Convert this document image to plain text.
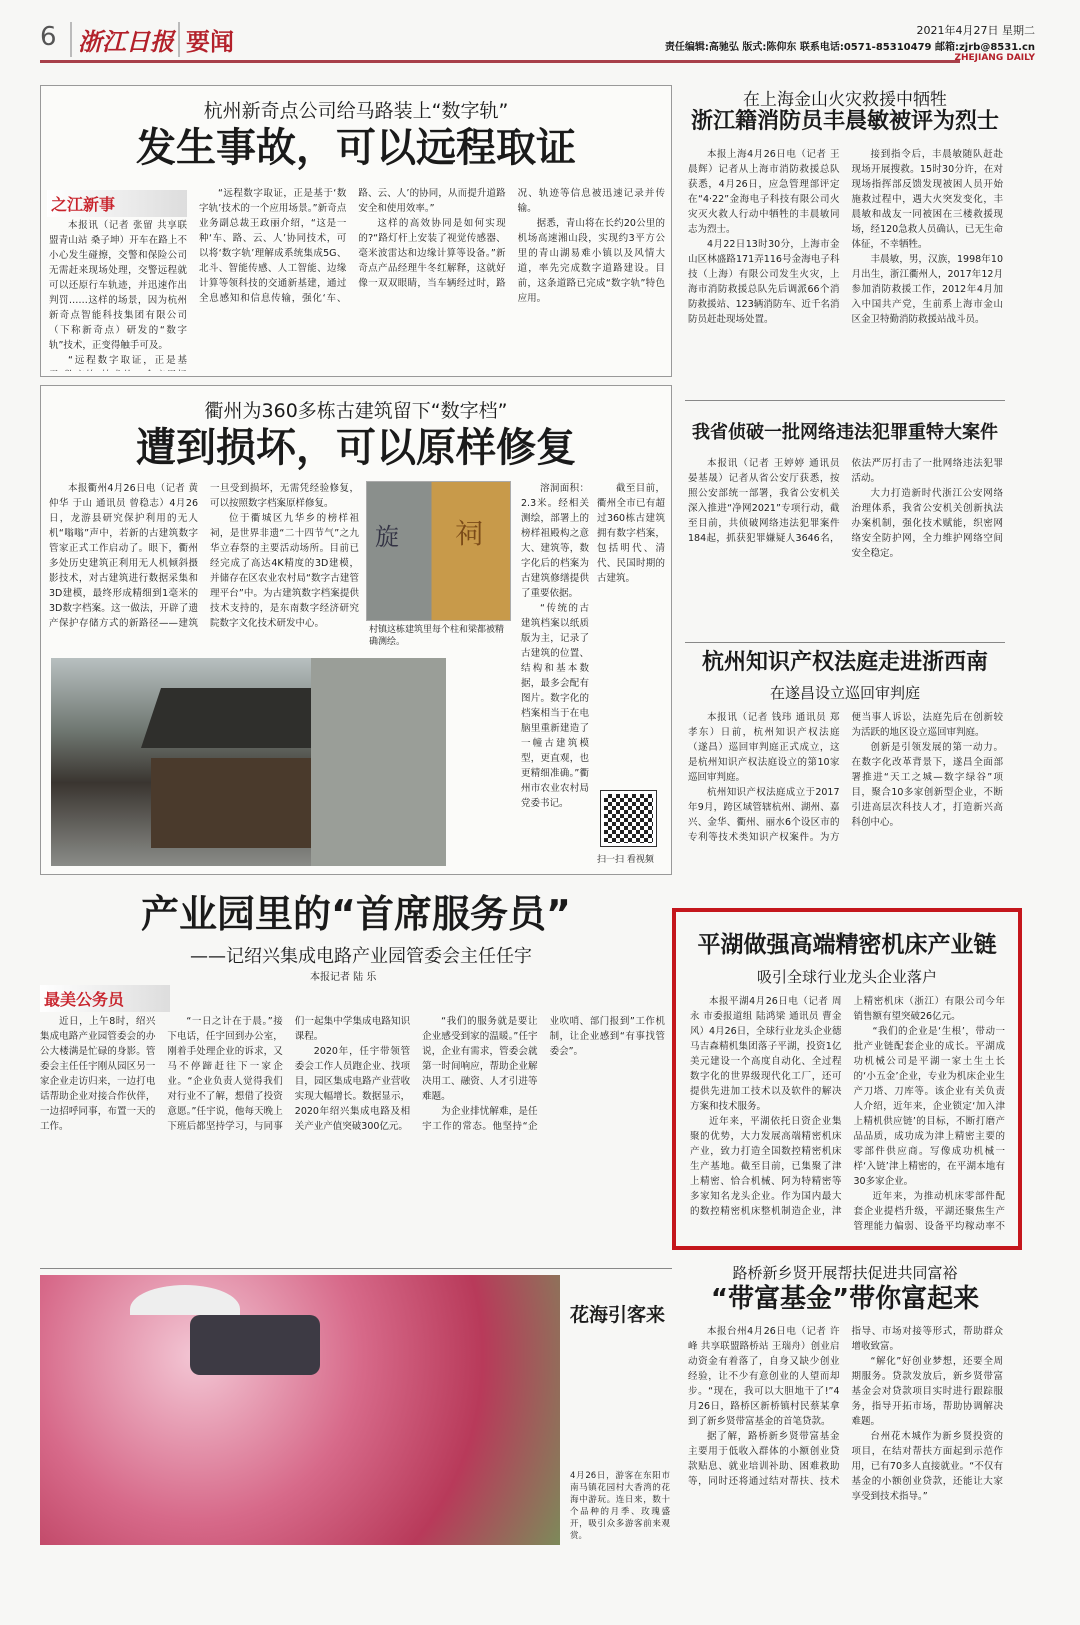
6 浙江日报 要闻	2021年4月27日 星期二
责任编辑:高驰弘 版式:陈仰东 联系电话:0571-85310479 邮箱:zjrb@8531.cn
ZHEJIANG DAILY
杭州新奇点公司给马路装上“数字轨”
发生事故，可以远程取证
之江新事

本报讯（记者 张留 共享联盟青山站 桑子坤）开车在路上不小心发生碰擦，交警和保险公司无需赶来现场处理，交警远程就可以还原行车轨迹，并迅速作出判罚……这样的场景，因为杭州新奇点智能科技集团有限公司（下称新奇点）研发的“数字轨”技术，正变得触手可及。

“远程数字取证，正是基

“远程数字取证，正是基于‘数字轨’技术的一个应用场景。”新奇点业务副总裁王政丽介绍，“这是一种‘车、路、云、人’协同技术，可以将‘数字轨’理解成系统集成5G、北斗、智能传感、人工智能、边缘计算等领科技的交通新基建，通过全息感知和信息传输，强化‘车、路、云、人’的协同，从而提升道路安全和使用效率。”

这样的高效协同是如何实现的?“路灯杆上安装了视觉传感器、毫米波雷达和边缘计算等设备。”新奇点产品经理牛冬红解释，这就好像一双双眼睛，当车辆经过时，路况、轨迹等信息被迅速记录并传输。

据悉，青山将在长约20公里的机场高速湘山段，实现约3平方公里的青山湖易难小镇以及风情大道，率先完成数字道路建设。目前，这条道路已完成“数字轨”特色应用。

衢州为360多栋古建筑留下“数字档”
遭到损坏，可以原样修复

本报衢州4月26日电（记者 黄仲华 于山 通讯员 曾稳志）4月26日，龙游县研究保护利用的无人机“嗡嗡”声中，若新的古建筑数字管家正式工作启动了。眼下，衢州多处历史建筑正利用无人机倾斜摄影技术，对古建筑进行数据采集和3D建模，最终形成精细到1毫米的3D数字档案。这一做法，开辟了遗产保护存储方式的新路径——建筑一旦受到损坏，无需凭经验修复，可以按照数字档案原样修复。

位于衢城区九华乡的榜样祖祠，是世界非遗“二十四节气”之九华立春祭的主要活动场所。目前已经完成了高达4K精度的3D建模，并储存在区农业农村局“数字古建管理平台”中。为古建筑数字档案提供技术支持的，是东南数字经济研究院数字文化技术研发中心。

旋 祠
村镇这栋建筑里每个柱和梁都被精确测绘。

溶洞面积：2.3米。经相关测绘，部署上的榜样祖殿构之意大、建筑等，数字化后的档案为古建筑修缮提供了重要依据。

“传统的古建筑档案以纸质版为主，记录了古建筑的位置、结构和基本数据，最多会配有图片。数字化的档案相当于在电脑里重新建造了一幢古建筑模型，更直观，也更精细准确。”衢州市农业农村局党委书记。

截至目前，衢州全市已有超过360栋古建筑拥有数字档案，包括明代、清代、民国时期的古建筑。

扫一扫 看视频
产业园里的“首席服务员”
——记绍兴集成电路产业园管委会主任任宇
本报记者 陆 乐
最美公务员

近日，上午8时，绍兴集成电路产业园管委会的办公大楼满是忙碌的身影。管委会主任任宇刚从园区另一家企业走访归来，一边打电话帮助企业对接合作伙伴，一边招呼同事，布置一天的工作。

“一日之计在于晨。”接下电话，任宇回到办公室，刚着手处理企业的诉求，又马不停蹄赶往下一家企业。“企业负责人觉得我们对行业不了解，想借了投资意愿。”任宇说，他每天晚上下班后都坚持学习，与同事们一起集中学集成电路知识课程。

2020年，任宇带领管委会工作人员跑企业、找项目，园区集成电路产业营收实现大幅增长。数据显示，2020年绍兴集成电路及相关产业产值突破300亿元。

“我们的服务就是要让企业感受到家的温暖。”任宇说，企业有需求，管委会就第一时间响应，帮助企业解决用工、融资、人才引进等难题。

为企业排忧解难，是任宇工作的常态。他坚持“企业吹哨、部门报到”工作机制，让企业感到“有事找管委会”。

花海引客来
4月26日，游客在东阳市南马镇花园村大香湾的花海中游玩。连日来，数十个品种的月季、玫瑰盛开，吸引众多游客前来观赏。
在上海金山火灾救援中牺牲
浙江籍消防员丰晨敏被评为烈士

本报上海4月26日电（记者 王晨辉）记者从上海市消防救援总队获悉，4月26日，应急管理部评定在“4·22”金海电子科技有限公司火灾灭火救人行动中牺牲的丰晨敏同志为烈士。

4月22日13时30分，上海市金山区林盛路171弄116号金海电子科技（上海）有限公司发生火灾，上海市消防救援总队先后调派66个消防救援站、123辆消防车、近千名消防员赶赴现场处置。

接到指令后，丰晨敏随队赶赴现场开展搜救。15时30分许，在对现场指挥部反馈发现被困人员开始施救过程中，遇大火突发变化，丰晨敏和战友一同被困在三楼救援现场，经120急救人员确认，已无生命体征，不幸牺牲。

丰晨敏，男，汉族，1998年10月出生，浙江衢州人，2017年12月参加消防救援工作，2012年4月加入中国共产党，生前系上海市金山区金卫特勤消防救援站战斗员。

我省侦破一批网络违法犯罪重特大案件

本报讯（记者 王婷婷 通讯员 晏基晟）记者从省公安厅获悉，按照公安部统一部署，我省公安机关深入推进“净网2021”专项行动，截至目前，共侦破网络违法犯罪案件184起，抓获犯罪嫌疑人3646名，依法严厉打击了一批网络违法犯罪活动。

大力打造新时代浙江公安网络治理体系，我省公安机关创新执法办案机制，强化技术赋能，织密网络安全防护网，全力维护网络空间安全稳定。

杭州知识产权法庭走进浙西南
在遂昌设立巡回审判庭

本报讯（记者 钱玮 通讯员 郑孝东）日前，杭州知识产权法庭（遂昌）巡回审判庭正式成立，这是杭州知识产权法庭设立的第10家巡回审判庭。

杭州知识产权法庭成立于2017年9月，跨区域管辖杭州、湖州、嘉兴、金华、衢州、丽水6个设区市的专利等技术类知识产权案件。为方便当事人诉讼，法庭先后在创新较为活跃的地区设立巡回审判庭。

创新是引领发展的第一动力。在数字化改革背景下，遂昌全面部署推进“天工之城—数字绿谷”项目，聚合10多家创新型企业，不断引进高层次科技人才，打造新兴高科创中心。

平湖做强高端精密机床产业链
吸引全球行业龙头企业落户

本报平湖4月26日电（记者 周永 市委报道组 陆鸿梁 通讯员 曹金风）4月26日，全球行业龙头企业德马吉森精机集团落子平湖，投资1亿美元建设一个高度自动化、全过程数字化的世界级现代化工厂，还可提供先进加工技术以及软件的解决方案和技术服务。

近年来，平湖依托日资企业集聚的优势，大力发展高端精密机床产业，致力打造全国数控精密机床生产基地。截至目前，已集聚了津上精密、恰合机械、阿为特精密等多家知名龙头企业。作为国内最大的数控精密机床整机制造企业，津上精密机床（浙江）有限公司今年销售额有望突破26亿元。

“我们的企业是‘生根’，带动一批产业链配套企业的成长。平湖成功机械公司是平湖一家土生土长的‘小五金’企业，专业为机床企业生产刀塔、刀库等。该企业有关负责人介绍，近年来，企业锁定‘加入津上精机供应链’的目标，不断打磨产品品质，成功成为津上精密主要的零部件供应商。写像成功机械一样‘入链’津上精密的，在平湖本地有30多家企业。

近年来，为推动机床零部件配套企业提档升级，平湖还聚焦生产管理能力偏弱、设备平均稼动率不

路桥新乡贤开展帮扶促进共同富裕
“带富基金”带你富起来

本报台州4月26日电（记者 许峰 共享联盟路桥站 王瑞舟）创业启动资金有着落了，自身又缺少创业经验，让不少有意创业的人望而却步。“现在，我可以大胆地干了!”4月26日，路桥区新桥镇村民蔡某拿到了新乡贤带富基金的首笔贷款。

据了解，路桥新乡贤带富基金主要用于低收入群体的小额创业贷款贴息、就业培训补助、困难救助等，同时还将通过结对帮扶、技术指导、市场对接等形式，帮助群众增收致富。

“解化”好创业梦想，还要全周期服务。贷款发放后，新乡贤带富基金会对贷款项目实时进行跟踪服务，指导开拓市场，帮助协调解决难题。

台州花木城作为新乡贤投资的项目，在结对帮扶方面起到示范作用，已有70多人直接就业。“不仅有基金的小额创业贷款，还能让大家享受到技术指导。”
